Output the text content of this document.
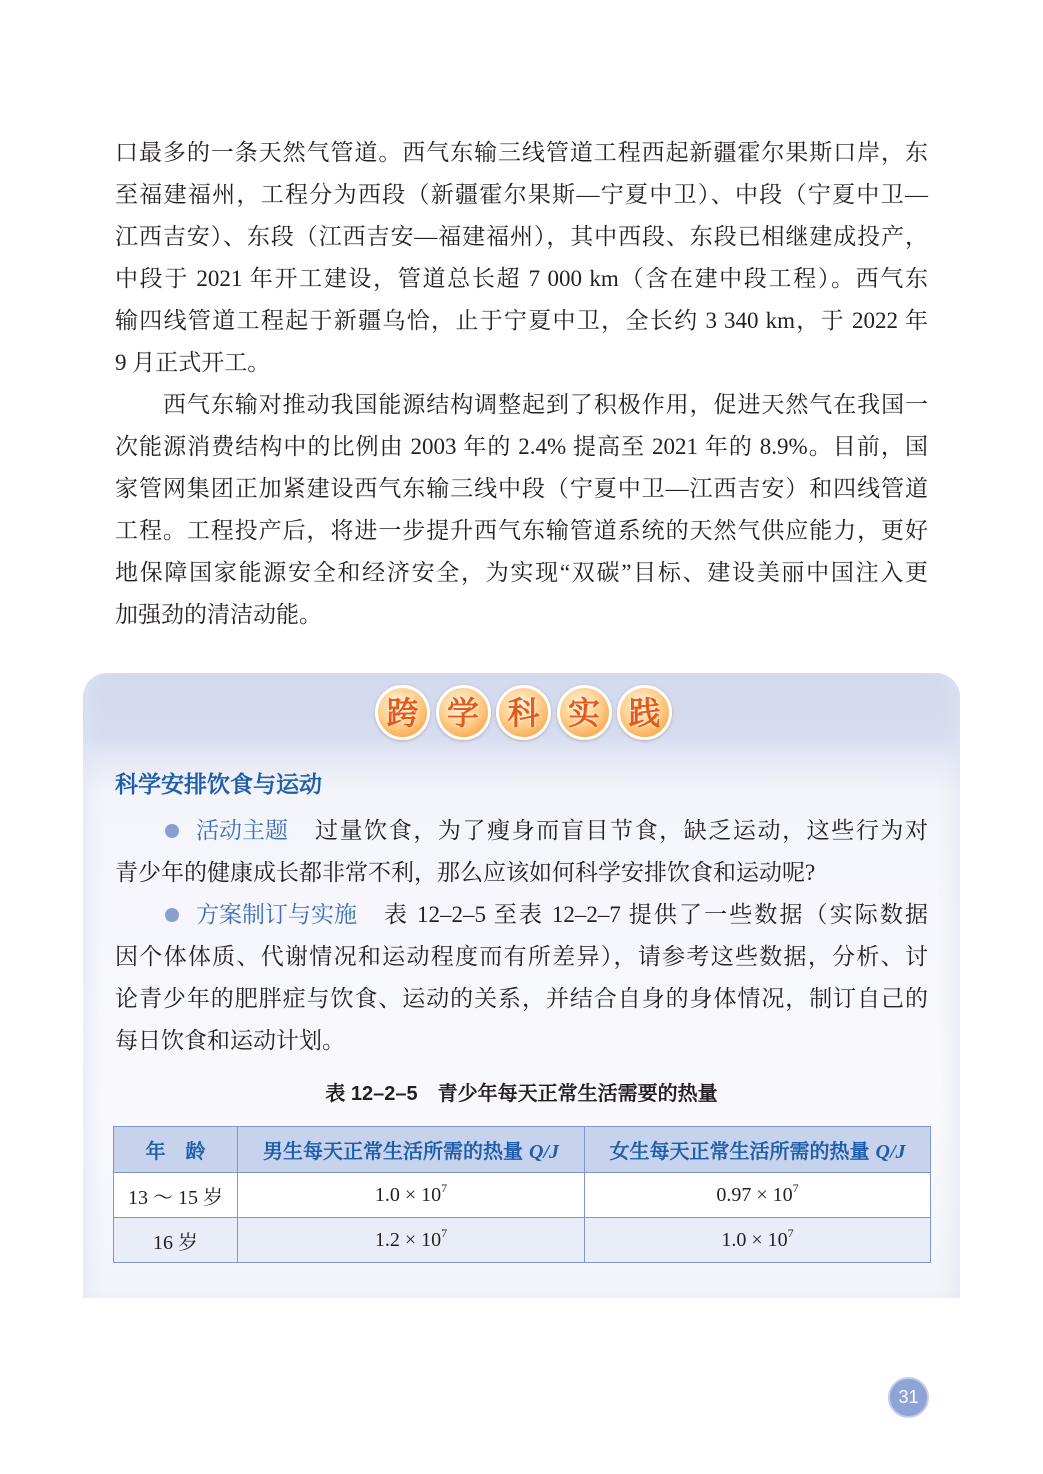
口最多的一条天然气管道。西气东输三线管道工程西起新疆霍尔果斯口岸，东
至福建福州，工程分为西段（新疆霍尔果斯—宁夏中卫）、中段（宁夏中卫—
江西吉安）、东段（江西吉安—福建福州），其中西段、东段已相继建成投产，
中段于 2021 年开工建设，管道总长超 7 000 km（含在建中段工程）。西气东
输四线管道工程起于新疆乌恰，止于宁夏中卫，全长约 3 340 km，于 2022 年
9 月正式开工。
西气东输对推动我国能源结构调整起到了积极作用，促进天然气在我国一
次能源消费结构中的比例由 2003 年的 2.4% 提高至 2021 年的 8.9%。目前，国
家管网集团正加紧建设西气东输三线中段（宁夏中卫—江西吉安）和四线管道
工程。工程投产后，将进一步提升西气东输管道系统的天然气供应能力，更好
地保障国家能源安全和经济安全，为实现“双碳”目标、建设美丽中国注入更
加强劲的清洁动能。
跨 学 科 实 践
科学安排饮食与运动
活动主题 过量饮食，为了瘦身而盲目节食，缺乏运动，这些行为对
青少年的健康成长都非常不利，那么应该如何科学安排饮食和运动呢?
方案制订与实施 表 12–2–5 至表 12–2–7 提供了一些数据（实际数据
因个体体质、代谢情况和运动程度而有所差异），请参考这些数据，分析、讨
论青少年的肥胖症与饮食、运动的关系，并结合自身的身体情况，制订自己的
每日饮食和运动计划。
表 12–2–5　青少年每天正常生活需要的热量
年　龄	男生每天正常生活所需的热量 Q/J	女生每天正常生活所需的热量 Q/J
13 ～ 15 岁	$1.0 \times 10^7$	$0.97 \times 10^7$
16 岁	$1.2 \times 10^7$	$1.0 \times 10^7$
31
